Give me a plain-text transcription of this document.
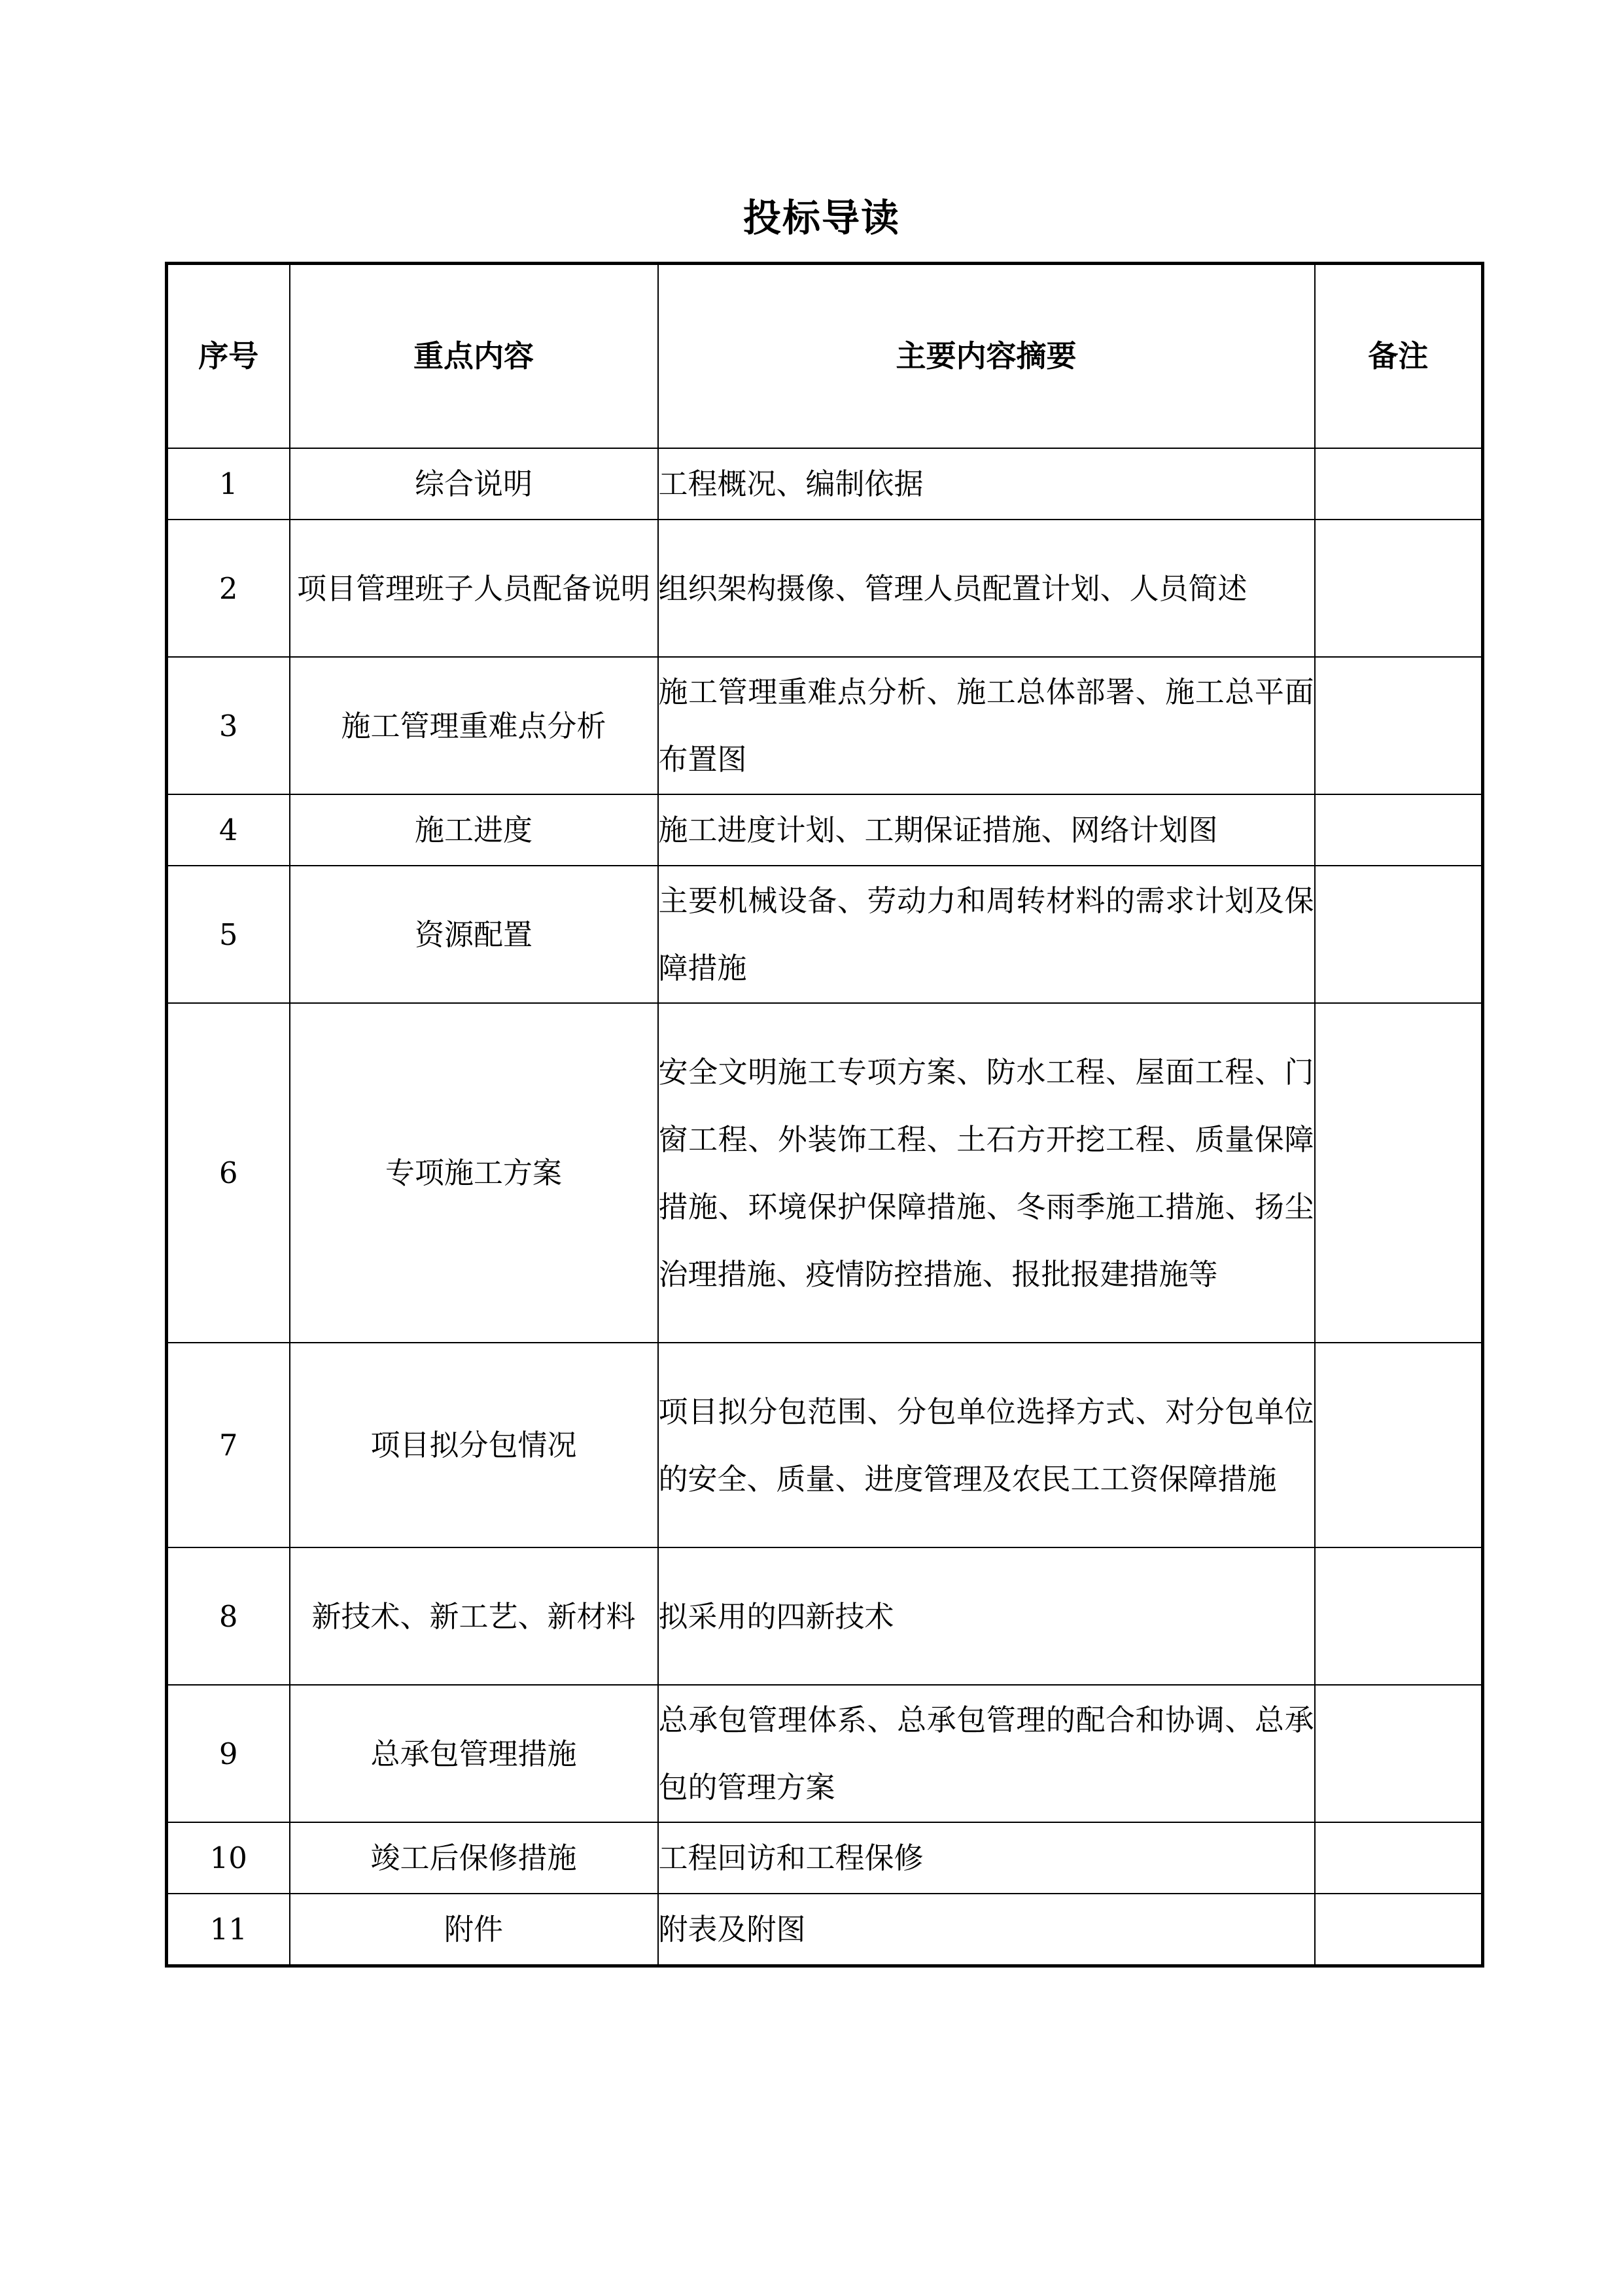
投标导读
序号	重点内容	主要内容摘要	备注
1	综合说明	工程概况、编制依据	
2	项目管理班子人员配备说明	组织架构摄像、管理人员配置计划、人员简述	
3	施工管理重难点分析	施工管理重难点分析、施工总体部署、施工总平面布置图	
4	施工进度	施工进度计划、工期保证措施、网络计划图	
5	资源配置	主要机械设备、劳动力和周转材料的需求计划及保障措施	
6	专项施工方案	安全文明施工专项方案、防水工程、屋面工程、门窗工程、外装饰工程、土石方开挖工程、质量保障措施、环境保护保障措施、冬雨季施工措施、扬尘治理措施、疫情防控措施、报批报建措施等	
7	项目拟分包情况	项目拟分包范围、分包单位选择方式、对分包单位的安全、质量、进度管理及农民工工资保障措施	
8	新技术、新工艺、新材料	拟采用的四新技术	
9	总承包管理措施	总承包管理体系、总承包管理的配合和协调、总承包的管理方案	
10	竣工后保修措施	工程回访和工程保修	
11	附件	附表及附图	
